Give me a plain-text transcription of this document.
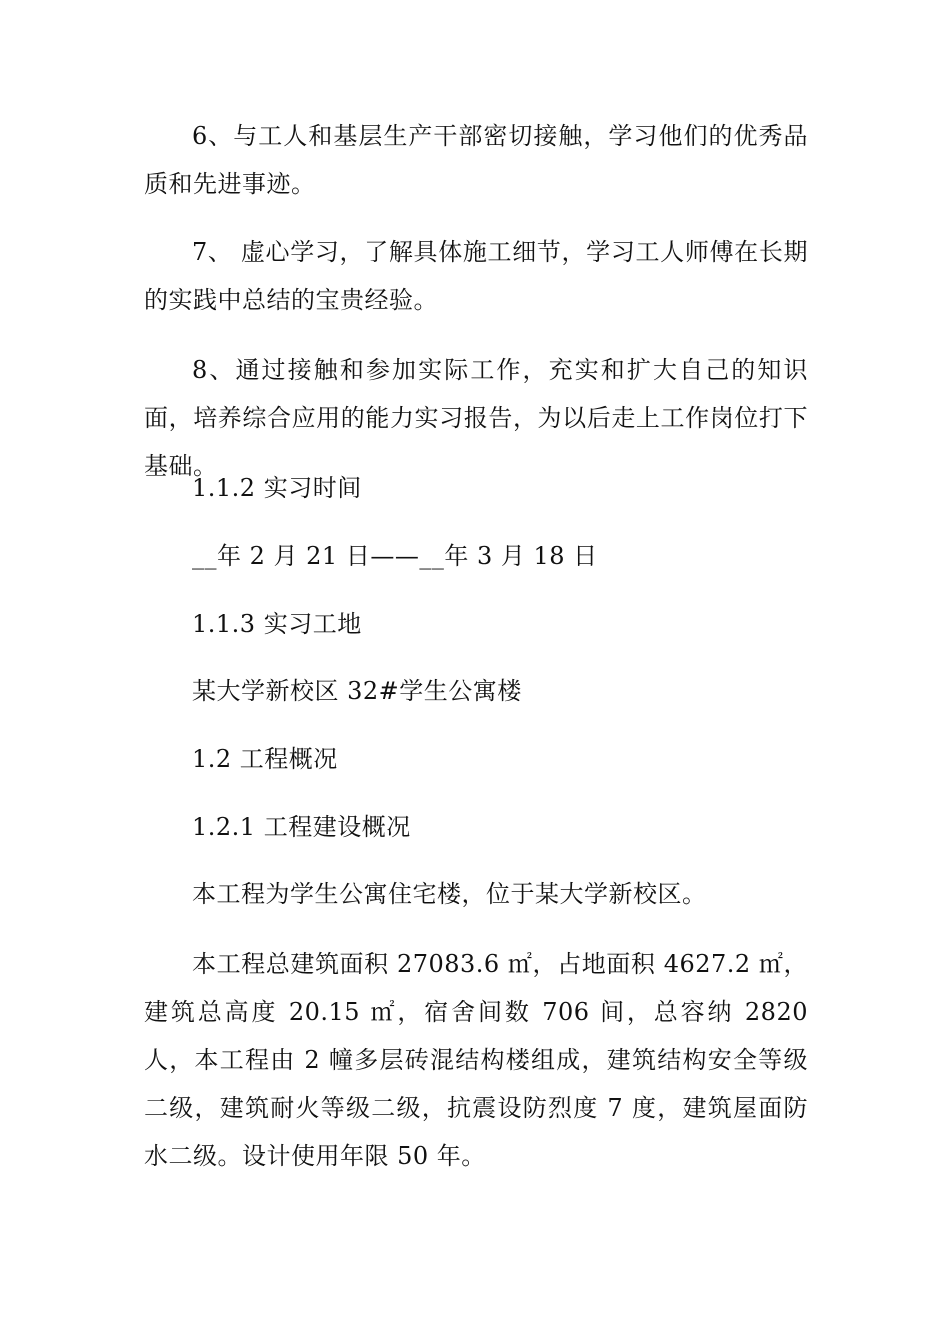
6、与工人和基层生产干部密切接触，学习他们的优秀品质和先进事迹。

7、 虚心学习，了解具体施工细节，学习工人师傅在长期的实践中总结的宝贵经验。

8、通过接触和参加实际工作，充实和扩大自己的知识面，培养综合应用的能力实习报告，为以后走上工作岗位打下基础。

1.1.2 实习时间

__年 2 月 21 日——__年 3 月 18 日

1.1.3 实习工地

某大学新校区 32#学生公寓楼

1.2 工程概况

1.2.1 工程建设概况

本工程为学生公寓住宅楼，位于某大学新校区。

本工程总建筑面积 27083.6 ㎡，占地面积 4627.2 ㎡，建筑总高度 20.15 ㎡，宿舍间数 706 间，总容纳 2820 人，本工程由 2 幢多层砖混结构楼组成，建筑结构安全等级二级，建筑耐火等级二级，抗震设防烈度 7 度，建筑屋面防水二级。设计使用年限 50 年。
